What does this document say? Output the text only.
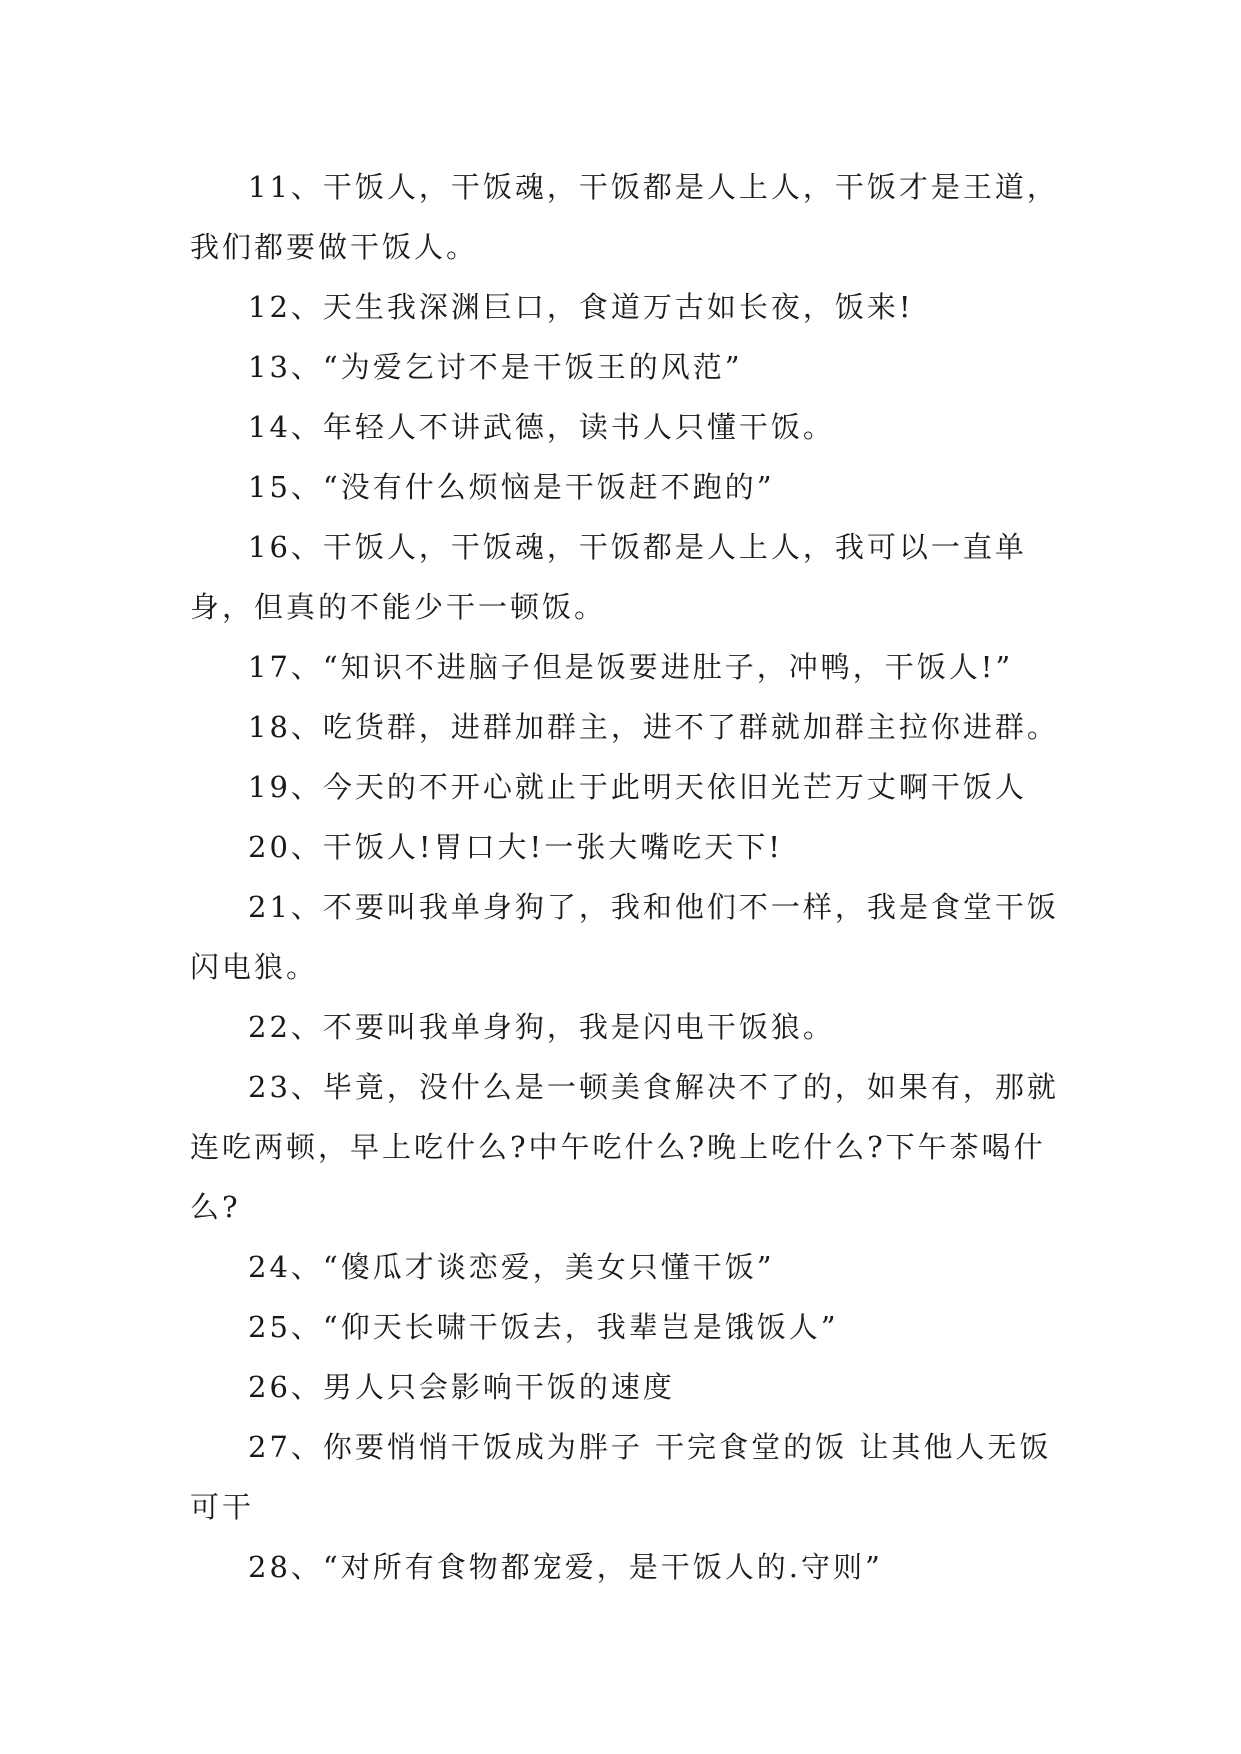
11、干饭人，干饭魂，干饭都是人上人，干饭才是王道，我们都要做干饭人。

12、天生我深渊巨口，食道万古如长夜，饭来!

13、“为爱乞讨不是干饭王的风范”

14、年轻人不讲武德，读书人只懂干饭。

15、“没有什么烦恼是干饭赶不跑的”

16、干饭人，干饭魂，干饭都是人上人，我可以一直单身，但真的不能少干一顿饭。

17、“知识不进脑子但是饭要进肚子，冲鸭，干饭人!”

18、吃货群，进群加群主，进不了群就加群主拉你进群。

19、今天的不开心就止于此明天依旧光芒万丈啊干饭人

20、干饭人!胃口大!一张大嘴吃天下!

21、不要叫我单身狗了，我和他们不一样，我是食堂干饭闪电狼。

22、不要叫我单身狗，我是闪电干饭狼。

23、毕竟，没什么是一顿美食解决不了的，如果有，那就连吃两顿，早上吃什么?中午吃什么?晚上吃什么?下午茶喝什么?

24、“傻瓜才谈恋爱，美女只懂干饭”

25、“仰天长啸干饭去，我辈岂是饿饭人”

26、男人只会影响干饭的速度

27、你要悄悄干饭成为胖子 干完食堂的饭 让其他人无饭可干

28、“对所有食物都宠爱，是干饭人的.守则”
